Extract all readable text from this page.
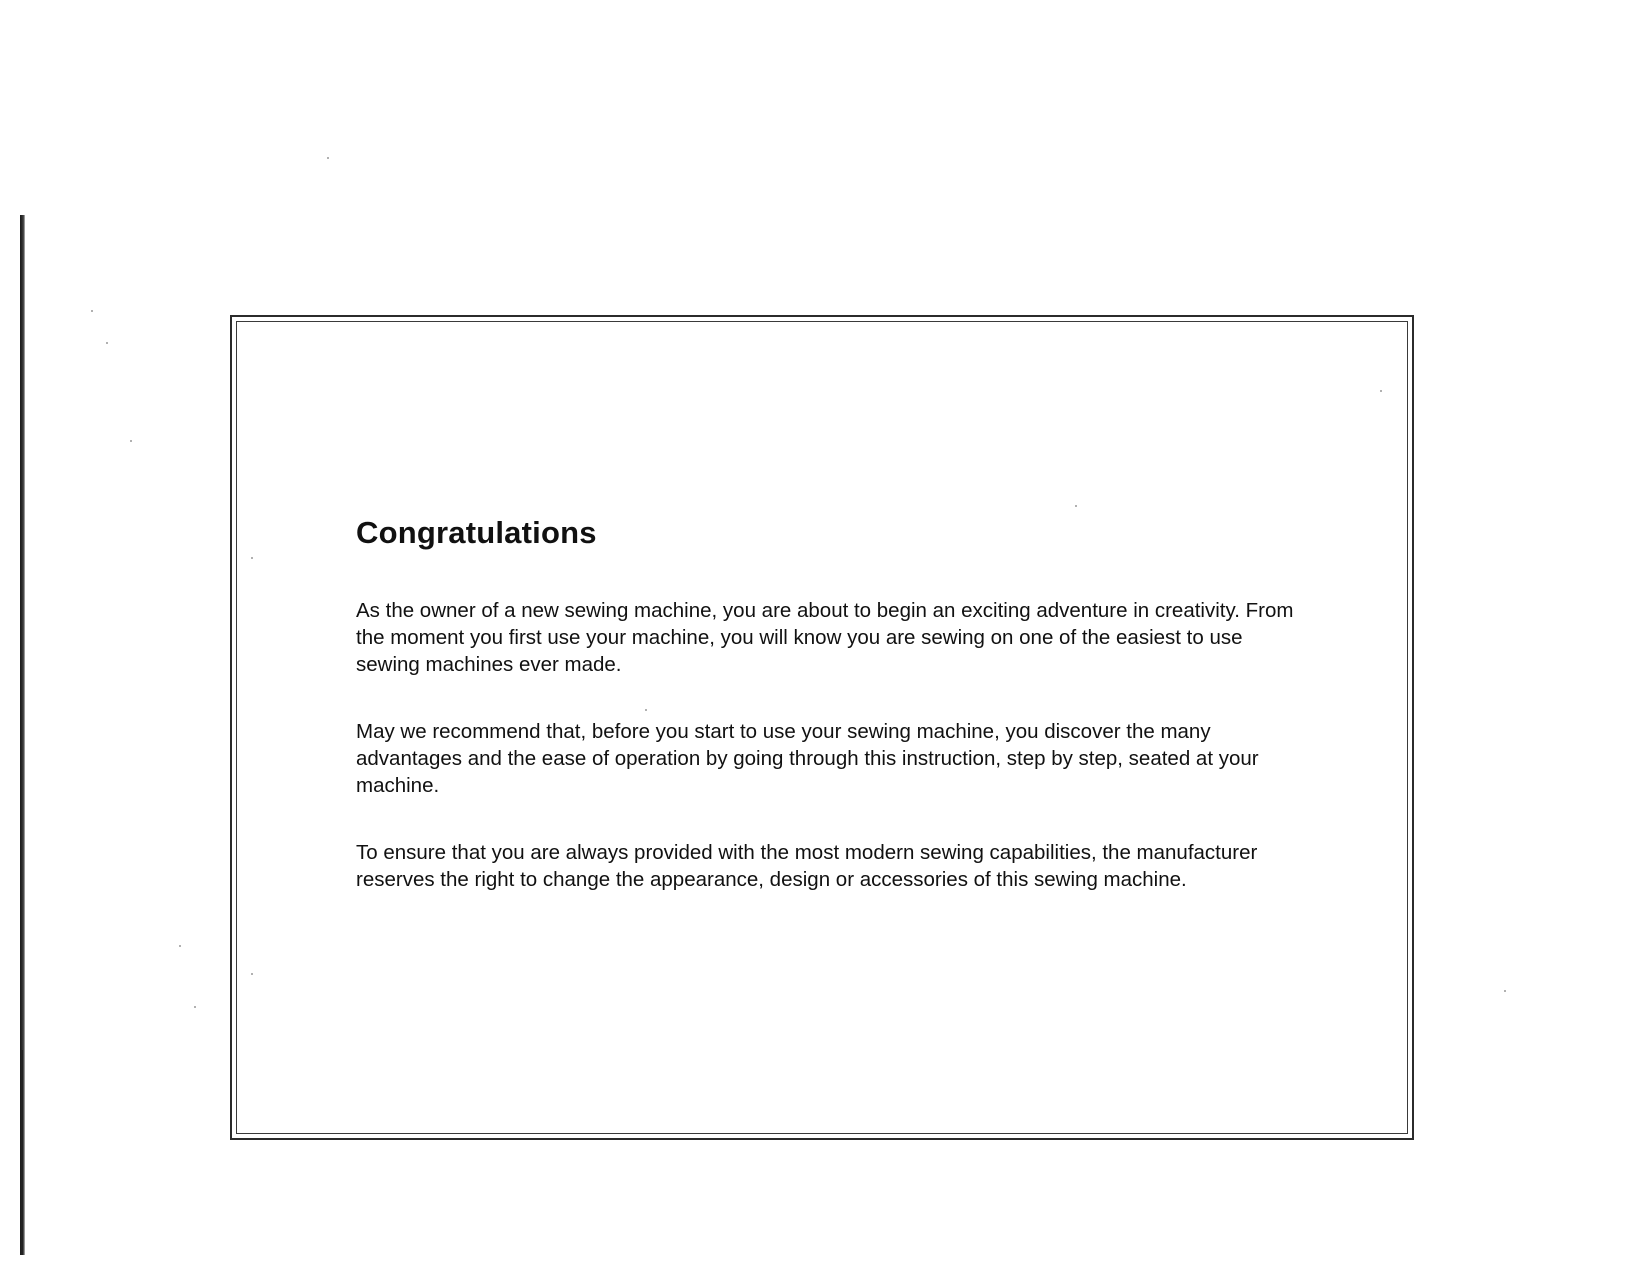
Congratulations

As the owner of a new sewing machine, you are about to begin an exciting adventure in creativity. From the moment you first use your machine, you will know you are sewing on one of the easiest to use sewing machines ever made.

May we recommend that, before you start to use your sewing machine, you discover the many advantages and the ease of operation by going through this instruction, step by step, seated at your machine.

To ensure that you are always provided with the most modern sewing capabilities, the manufacturer reserves the right to change the appearance, design or accessories of this sewing machine.
